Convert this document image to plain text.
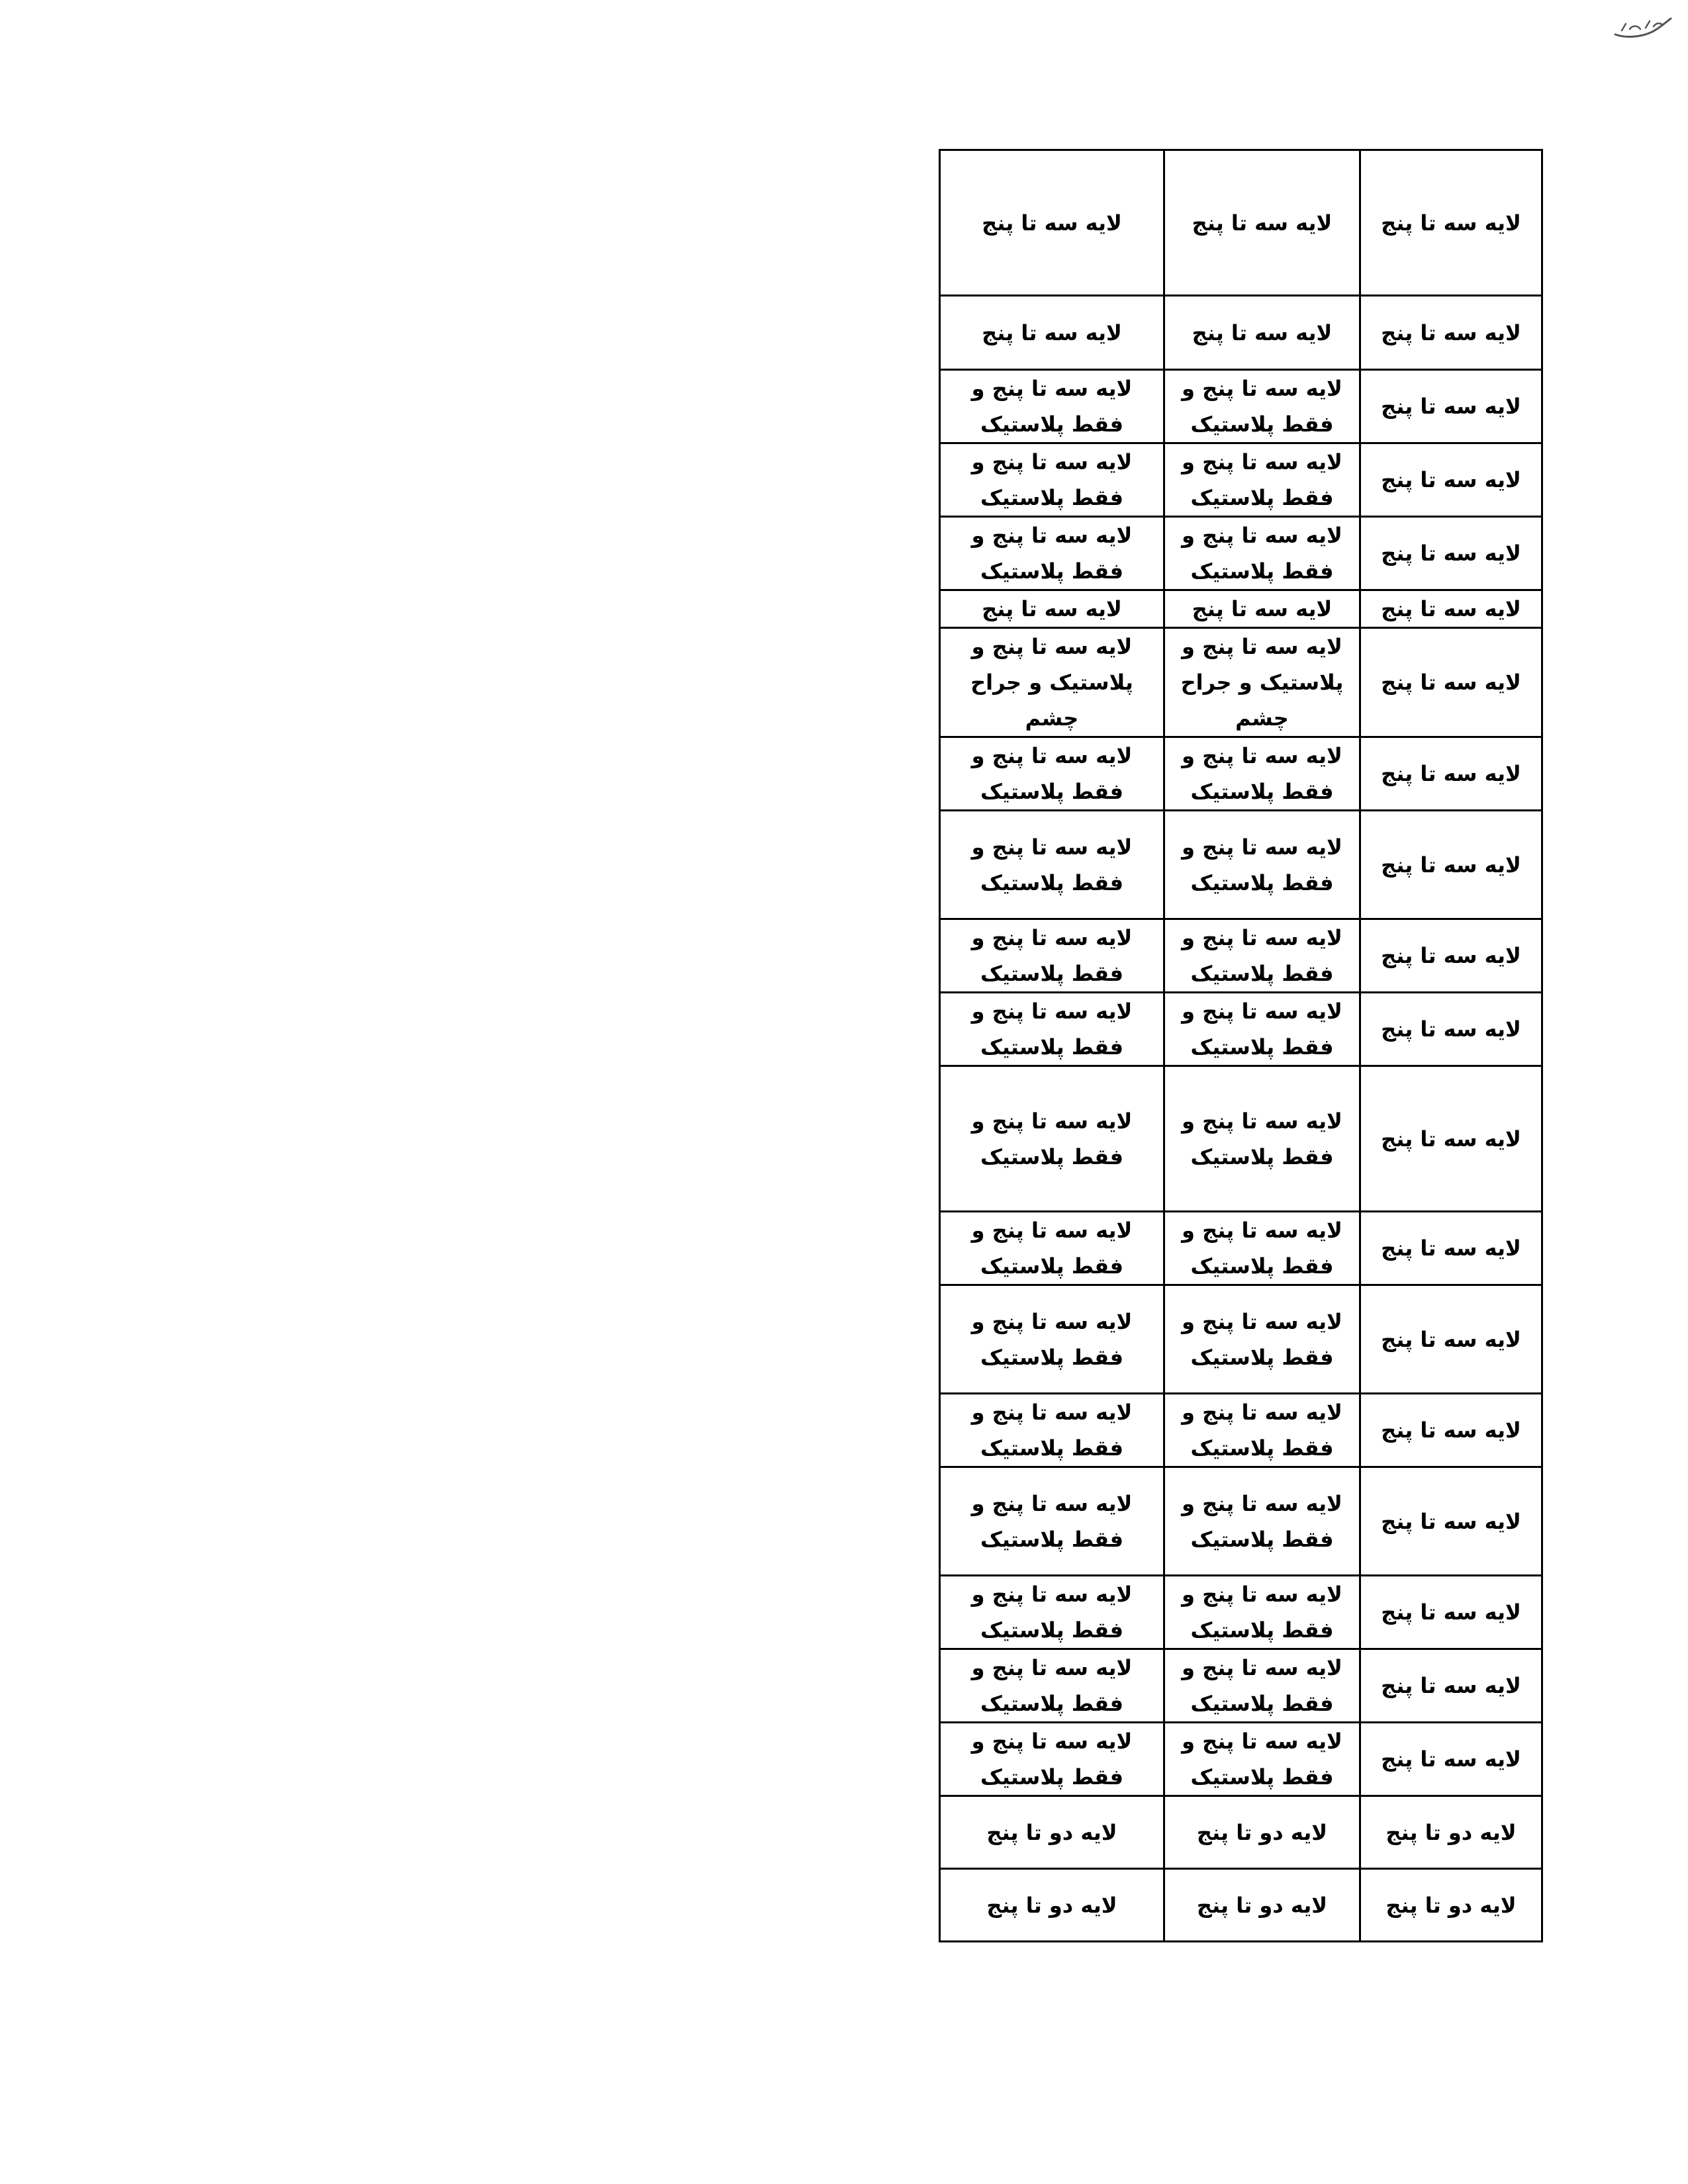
لایه سه تا پنج	لایه سه تا پنج	لایه سه تا پنج
لایه سه تا پنج	لایه سه تا پنج	لایه سه تا پنج
لایه سه تا پنج	لایه سه تا پنج و فقط پلاستیک	لایه سه تا پنج و فقط پلاستیک
لایه سه تا پنج	لایه سه تا پنج و فقط پلاستیک	لایه سه تا پنج و فقط پلاستیک
لایه سه تا پنج	لایه سه تا پنج و فقط پلاستیک	لایه سه تا پنج و فقط پلاستیک
لایه سه تا پنج	لایه سه تا پنج	لایه سه تا پنج
لایه سه تا پنج	لایه سه تا پنج و پلاستیک و جراح چشم	لایه سه تا پنج و پلاستیک و جراح چشم
لایه سه تا پنج	لایه سه تا پنج و فقط پلاستیک	لایه سه تا پنج و فقط پلاستیک
لایه سه تا پنج	لایه سه تا پنج و فقط پلاستیک	لایه سه تا پنج و فقط پلاستیک
لایه سه تا پنج	لایه سه تا پنج و فقط پلاستیک	لایه سه تا پنج و فقط پلاستیک
لایه سه تا پنج	لایه سه تا پنج و فقط پلاستیک	لایه سه تا پنج و فقط پلاستیک
لایه سه تا پنج	لایه سه تا پنج و فقط پلاستیک	لایه سه تا پنج و فقط پلاستیک
لایه سه تا پنج	لایه سه تا پنج و فقط پلاستیک	لایه سه تا پنج و فقط پلاستیک
لایه سه تا پنج	لایه سه تا پنج و فقط پلاستیک	لایه سه تا پنج و فقط پلاستیک
لایه سه تا پنج	لایه سه تا پنج و فقط پلاستیک	لایه سه تا پنج و فقط پلاستیک
لایه سه تا پنج	لایه سه تا پنج و فقط پلاستیک	لایه سه تا پنج و فقط پلاستیک
لایه سه تا پنج	لایه سه تا پنج و فقط پلاستیک	لایه سه تا پنج و فقط پلاستیک
لایه سه تا پنج	لایه سه تا پنج و فقط پلاستیک	لایه سه تا پنج و فقط پلاستیک
لایه سه تا پنج	لایه سه تا پنج و فقط پلاستیک	لایه سه تا پنج و فقط پلاستیک
لایه دو تا پنج	لایه دو تا پنج	لایه دو تا پنج
لایه دو تا پنج	لایه دو تا پنج	لایه دو تا پنج
